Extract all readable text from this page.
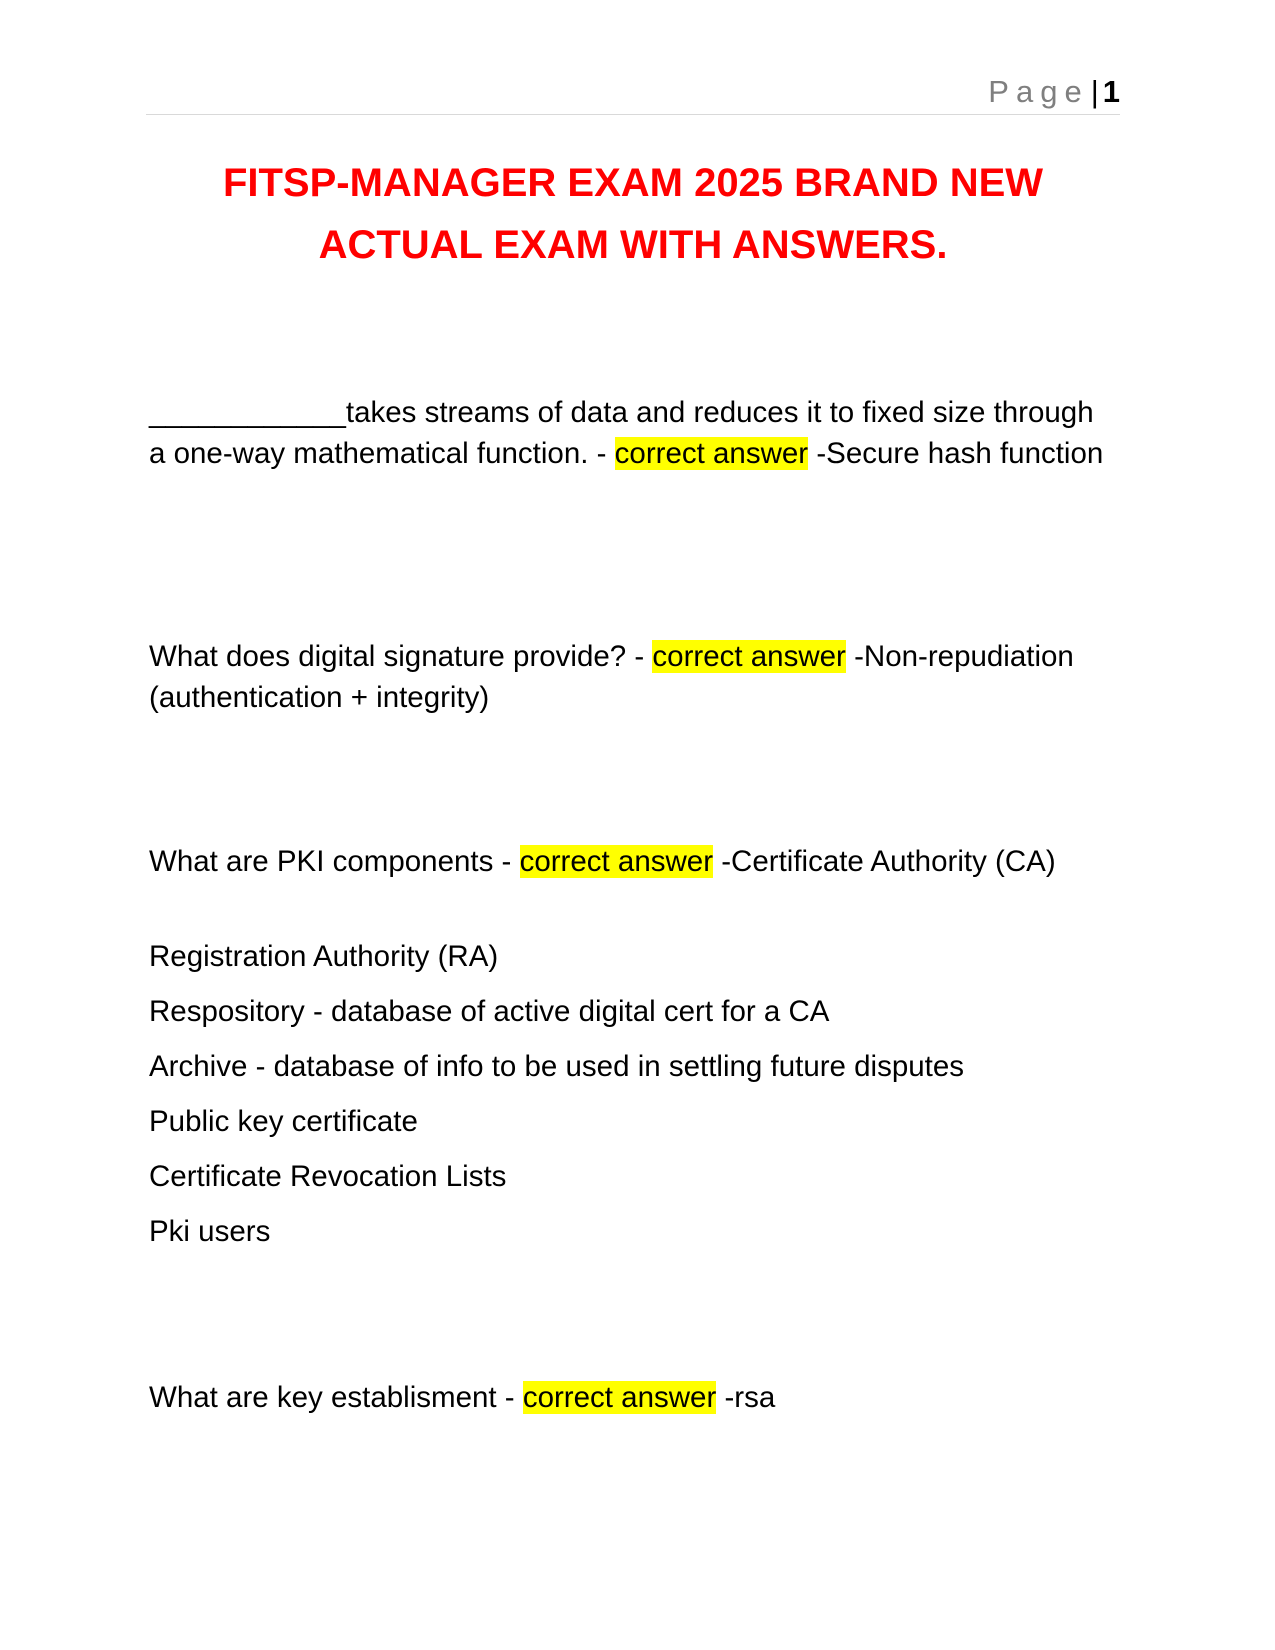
Page| 1
FITSP-MANAGER EXAM 2025 BRAND NEW ACTUAL EXAM WITH ANSWERS.
____________takes streams of data and reduces it to fixed size through a one-way mathematical function. - correct answer -Secure hash function
What does digital signature provide? - correct answer -Non-repudiation (authentication + integrity)
What are PKI components - correct answer -Certificate Authority (CA)
Registration Authority (RA)
Respository - database of active digital cert for a CA
Archive - database of info to be used in settling future disputes
Public key certificate
Certificate Revocation Lists
Pki users
What are key establisment - correct answer -rsa
